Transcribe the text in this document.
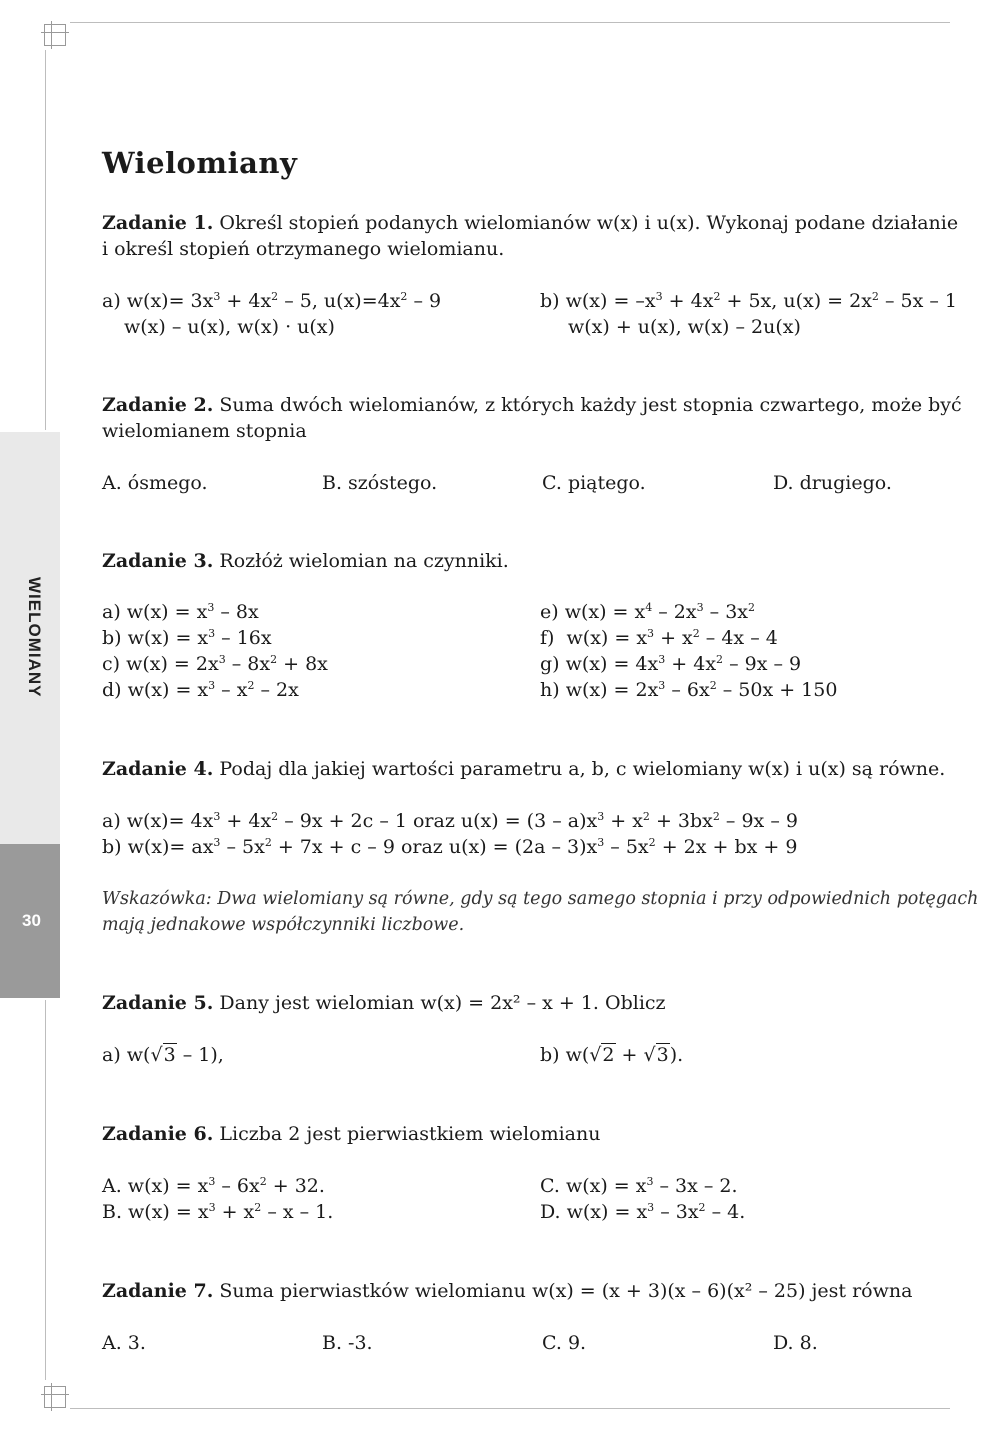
WIELOMIANY
30
Wielomiany
Zadanie 1. Określ stopień podanych wielomianów w(x) i u(x). Wykonaj podane działanie
i określ stopień otrzymanego wielomianu.
a) $w(x)= 3x^3 + 4x^2 - 5$, $u(x)=4x^2 - 9$
w(x) – u(x), w(x) · u(x)
b) $w(x) = -x^3 + 4x^2 + 5x$, $u(x) = 2x^2 - 5x - 1$
w(x) + u(x), w(x) – 2u(x)
Zadanie 2. Suma dwóch wielomianów, z których każdy jest stopnia czwartego, może być
wielomianem stopnia
A. ósmego.	B. szóstego.	C. piątego.	D. drugiego.
Zadanie 3. Rozłóż wielomian na czynniki.
a) $w(x) = x^3 - 8x$
b) $w(x) = x^3 - 16x$
c) $w(x) = 2x^3 - 8x^2 + 8x$
d) $w(x) = x^3 - x^2 - 2x$
e) $w(x) = x^4 - 2x^3 - 3x^2$
f)  $w(x) = x^3 + x^2 - 4x - 4$
g) $w(x) = 4x^3 + 4x^2 - 9x - 9$
h) $w(x) = 2x^3 - 6x^2 - 50x + 150$
Zadanie 4. Podaj dla jakiej wartości parametru a, b, c wielomiany w(x) i u(x) są równe.
a) $w(x)= 4x^3 + 4x^2 - 9x + 2c - 1$ oraz $u(x) = (3 - a)x^3 + x^2 + 3bx^2 - 9x - 9$
b) $w(x)= ax^3 - 5x^2 + 7x + c - 9$ oraz $u(x) = (2a - 3)x^3 - 5x^2 + 2x$ + bx + 9
Wskazówka: Dwa wielomiany są równe, gdy są tego samego stopnia i przy odpowiednich potęgach
mają jednakowe współczynniki liczbowe.
Zadanie 5. Dany jest wielomian w(x) = 2x² – x + 1. Oblicz
a) w(√3 – 1),	b) w(√2 + √3).
Zadanie 6. Liczba 2 jest pierwiastkiem wielomianu
A. $w(x) = x^3 - 6x^2 + 32$.
B. $w(x) = x^3 + x^2 - x - 1$.
C. $w(x) = x^3 - 3x - 2$.
D. $w(x) = x^3 - 3x^2 - 4$.
Zadanie 7. Suma pierwiastków wielomianu w(x) = (x + 3)(x – 6)(x² – 25) jest równa
A. 3.	B. -3.	C. 9.	D. 8.
